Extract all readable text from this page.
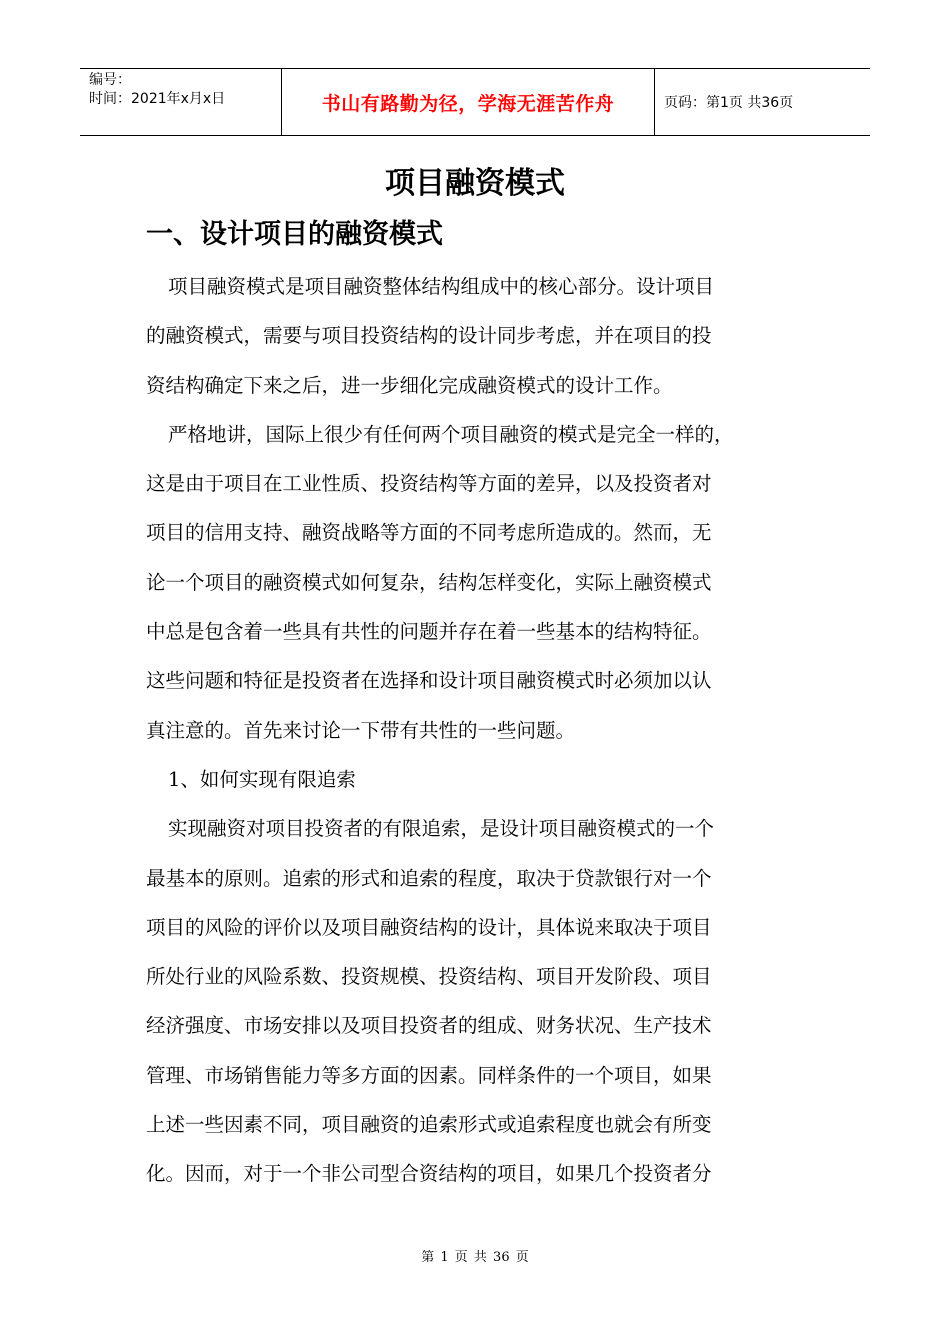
编号：
时间：2021年x月x日	书山有路勤为径，学海无涯苦作舟	页码：第1页 共36页
项目融资模式
一、设计项目的融资模式
项目融资模式是项目融资整体结构组成中的核心部分。设计项目
的融资模式，需要与项目投资结构的设计同步考虑，并在项目的投
资结构确定下来之后，进一步细化完成融资模式的设计工作。
严格地讲，国际上很少有任何两个项目融资的模式是完全一样的，
这是由于项目在工业性质、投资结构等方面的差异，以及投资者对
项目的信用支持、融资战略等方面的不同考虑所造成的。然而，无
论一个项目的融资模式如何复杂，结构怎样变化，实际上融资模式
中总是包含着一些具有共性的问题并存在着一些基本的结构特征。
这些问题和特征是投资者在选择和设计项目融资模式时必须加以认
真注意的。首先来讨论一下带有共性的一些问题。
1、如何实现有限追索
实现融资对项目投资者的有限追索，是设计项目融资模式的一个
最基本的原则。追索的形式和追索的程度，取决于贷款银行对一个
项目的风险的评价以及项目融资结构的设计，具体说来取决于项目
所处行业的风险系数、投资规模、投资结构、项目开发阶段、项目
经济强度、市场安排以及项目投资者的组成、财务状况、生产技术
管理、市场销售能力等多方面的因素。同样条件的一个项目，如果
上述一些因素不同，项目融资的追索形式或追索程度也就会有所变
化。因而，对于一个非公司型合资结构的项目，如果几个投资者分
第 1 页 共 36 页
